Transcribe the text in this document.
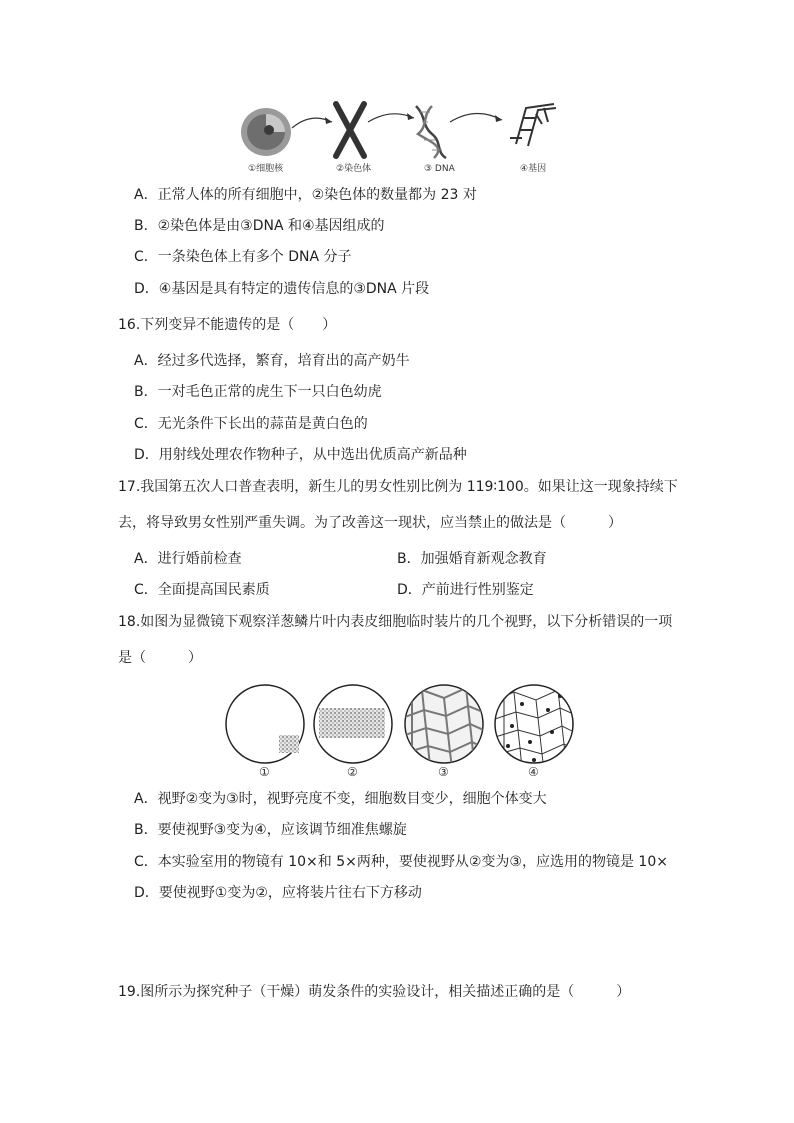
①细胞核	②染色体	③ DNA	④基因
A．正常人体的所有细胞中，②染色体的数量都为 23 对
B．②染色体是由③DNA 和④基因组成的
C．一条染色体上有多个 DNA 分子
D．④基因是具有特定的遗传信息的③DNA 片段
16.下列变异不能遗传的是（　　）
A．经过多代选择，繁育，培育出的高产奶牛
B．一对毛色正常的虎生下一只白色幼虎
C．无光条件下长出的蒜苗是黄白色的
D．用射线处理农作物种子，从中选出优质高产新品种
17.我国第五次人口普查表明，新生儿的男女性别比例为 119∶100。如果让这一现象持续下
去，将导致男女性别严重失调。为了改善这一现状，应当禁止的做法是（　　　）
A．进行婚前检查	B．加强婚育新观念教育
C．全面提高国民素质	D．产前进行性别鉴定
18.如图为显微镜下观察洋葱鳞片叶内表皮细胞临时装片的几个视野，以下分析错误的一项
是（　　　）
①	②	③	④
A．视野②变为③时，视野亮度不变，细胞数目变少，细胞个体变大
B．要使视野③变为④，应该调节细准焦螺旋
C．本实验室用的物镜有 10×和 5×两种，要使视野从②变为③，应选用的物镜是 10×
D．要使视野①变为②，应将装片往右下方移动
19.图所示为探究种子（干燥）萌发条件的实验设计，相关描述正确的是（　　　）
